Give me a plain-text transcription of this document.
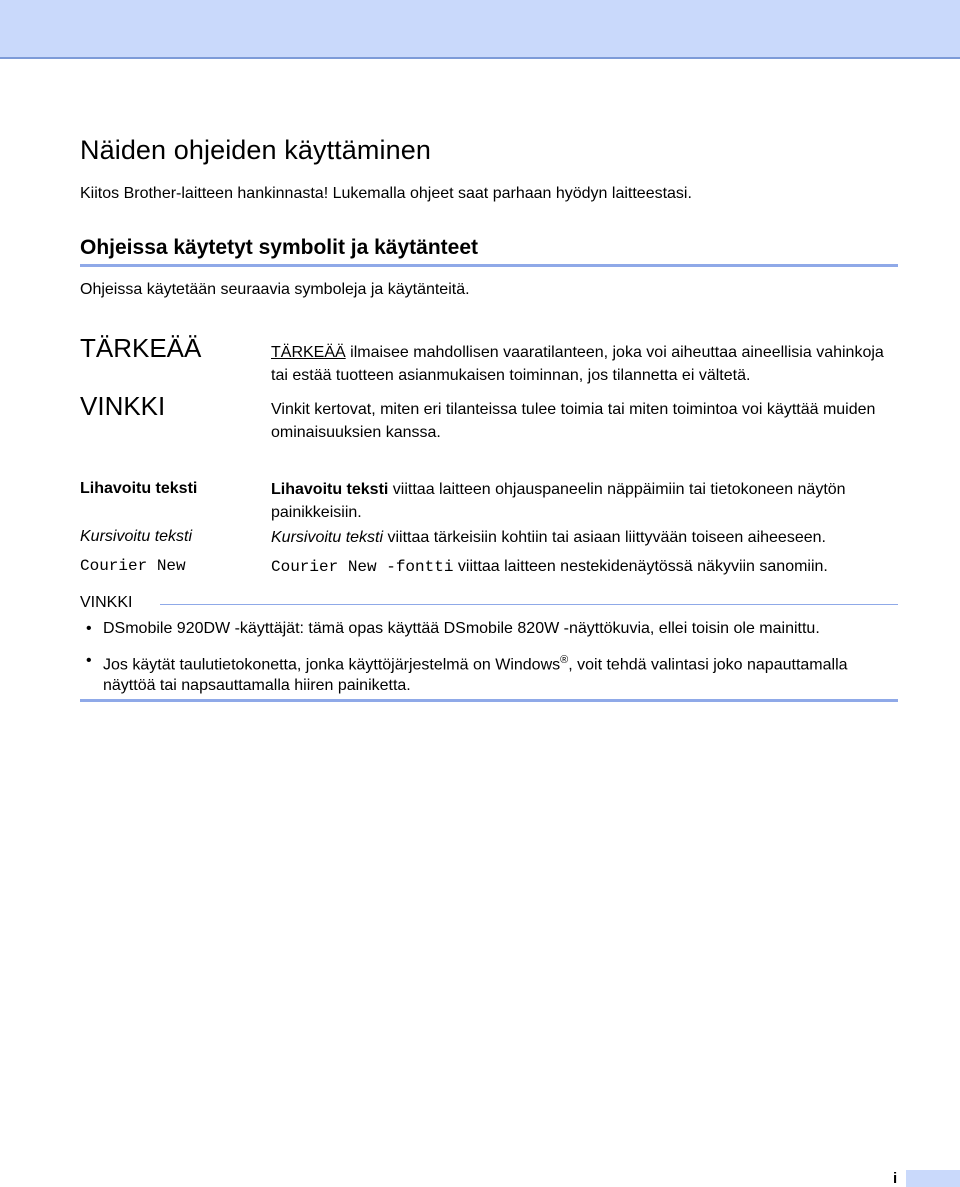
Näiden ohjeiden käyttäminen
Kiitos Brother-laitteen hankinnasta! Lukemalla ohjeet saat parhaan hyödyn laitteestasi.
Ohjeissa käytetyt symbolit ja käytänteet
Ohjeissa käytetään seuraavia symboleja ja käytänteitä.
TÄRKEÄÄ	TÄRKEÄÄ ilmaisee mahdollisen vaaratilanteen, joka voi aiheuttaa aineellisia vahinkoja tai estää tuotteen asianmukaisen toiminnan, jos tilannetta ei vältetä.
VINKKI	Vinkit kertovat, miten eri tilanteissa tulee toimia tai miten toimintoa voi käyttää muiden ominaisuuksien kanssa.
Lihavoitu teksti	Lihavoitu teksti viittaa laitteen ohjauspaneelin näppäimiin tai tietokoneen näytön painikkeisiin.
Kursivoitu teksti	Kursivoitu teksti viittaa tärkeisiin kohtiin tai asiaan liittyvään toiseen aiheeseen.
Courier New	Courier New -fontti viittaa laitteen nestekidenäytössä näkyviin sanomiin.
VINKKI
• DSmobile 920DW -käyttäjät: tämä opas käyttää DSmobile 820W -näyttökuvia, ellei toisin ole mainittu.
• Jos käytät taulutietokonetta, jonka käyttöjärjestelmä on Windows®, voit tehdä valintasi joko napauttamalla näyttöä tai napsauttamalla hiiren painiketta.
i
